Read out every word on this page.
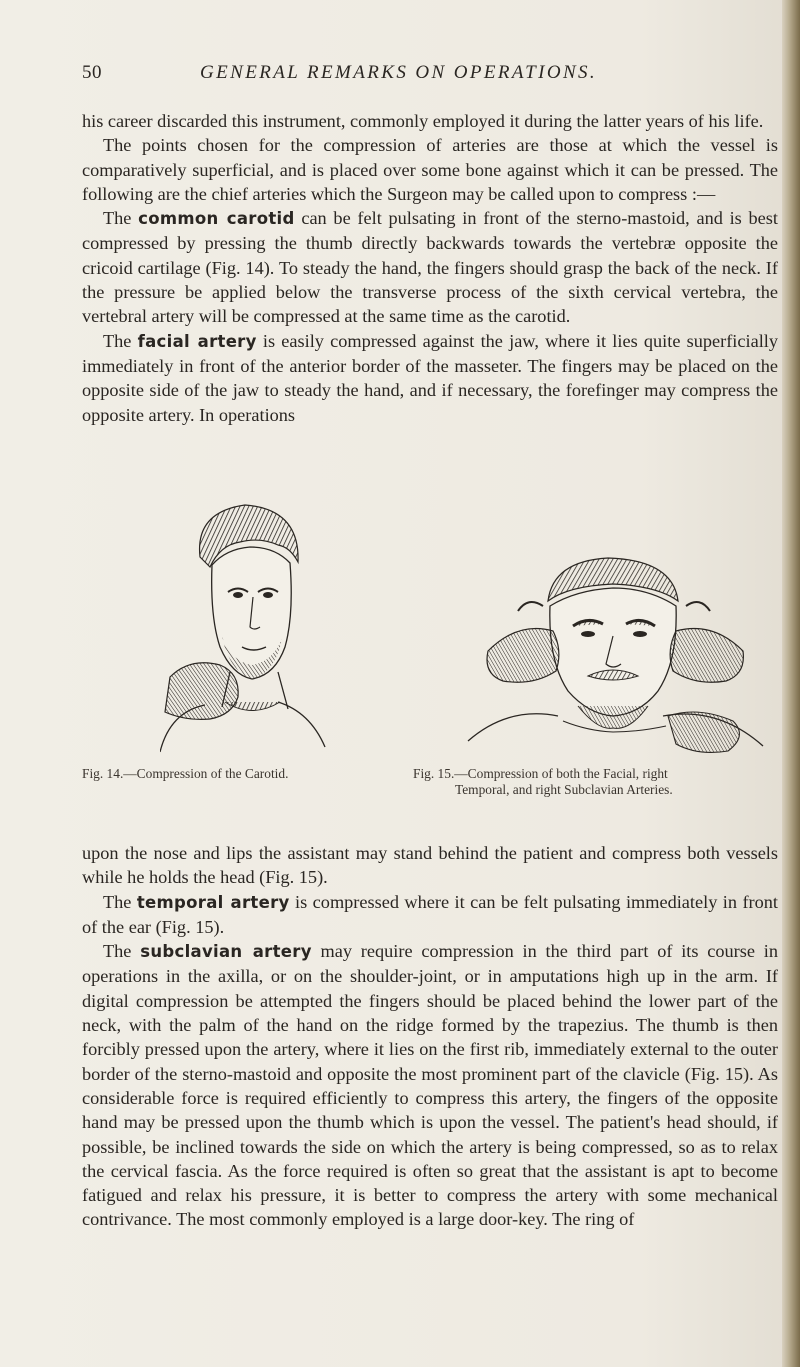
50	GENERAL REMARKS ON OPERATIONS.

his career discarded this instrument, commonly employed it during the latter years of his life.

The points chosen for the compression of arteries are those at which the vessel is comparatively superficial, and is placed over some bone against which it can be pressed. The following are the chief arteries which the Surgeon may be called upon to compress :—

The common carotid can be felt pulsating in front of the sterno-mastoid, and is best compressed by pressing the thumb directly backwards towards the vertebræ opposite the cricoid cartilage (Fig. 14). To steady the hand, the fingers should grasp the back of the neck. If the pressure be applied below the transverse process of the sixth cervical vertebra, the vertebral artery will be compressed at the same time as the carotid.

The facial artery is easily compressed against the jaw, where it lies quite superficially immediately in front of the anterior border of the masseter. The fingers may be placed on the opposite side of the jaw to steady the hand, and if necessary, the forefinger may compress the opposite artery. In operations

Fig. 14.—Compression of the Carotid.	Fig. 15.—Compression of both the Facial, right
Temporal, and right Subclavian Arteries.

upon the nose and lips the assistant may stand behind the patient and compress both vessels while he holds the head (Fig. 15).

The temporal artery is compressed where it can be felt pulsating immediately in front of the ear (Fig. 15).

The subclavian artery may require compression in the third part of its course in operations in the axilla, or on the shoulder-joint, or in amputations high up in the arm. If digital compression be attempted the fingers should be placed behind the lower part of the neck, with the palm of the hand on the ridge formed by the trapezius. The thumb is then forcibly pressed upon the artery, where it lies on the first rib, immediately external to the outer border of the sterno-mastoid and opposite the most prominent part of the clavicle (Fig. 15). As considerable force is required efficiently to compress this artery, the fingers of the opposite hand may be pressed upon the thumb which is upon the vessel. The patient's head should, if possible, be inclined towards the side on which the artery is being compressed, so as to relax the cervical fascia. As the force required is often so great that the assistant is apt to become fatigued and relax his pressure, it is better to compress the artery with some mechanical contrivance. The most commonly employed is a large door-key. The ring of
